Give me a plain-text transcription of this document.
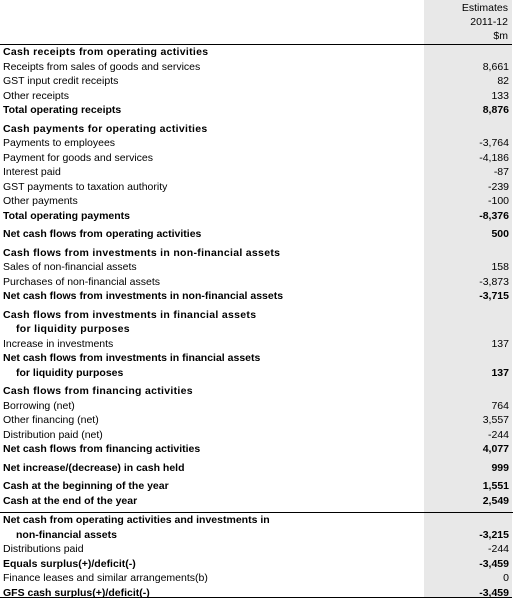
Estimates
2011-12
$m
Cash receipts from operating activities
Receipts from sales of goods and services	8,661
GST input credit receipts	82
Other receipts	133
Total operating receipts	8,876
Cash payments for operating activities
Payments to employees	-3,764
Payment for goods and services	-4,186
Interest paid	-87
GST payments to taxation authority	-239
Other payments	-100
Total operating payments	-8,376
Net cash flows from operating activities	500
Cash flows from investments in non-financial assets
Sales of non-financial assets	158
Purchases of non-financial assets	-3,873
Net cash flows from investments in non-financial assets	-3,715
Cash flows from investments in financial assets
for liquidity purposes
Increase in investments	137
Net cash flows from investments in financial assets
for liquidity purposes	137
Cash flows from financing activities
Borrowing (net)	764
Other financing (net)	3,557
Distribution paid (net)	-244
Net cash flows from financing activities	4,077
Net increase/(decrease) in cash held	999
Cash at the beginning of the year	1,551
Cash at the end of the year	2,549
Net cash from operating activities and investments in
non-financial assets	-3,215
Distributions paid	-244
Equals surplus(+)/deficit(-)	-3,459
Finance leases and similar arrangements(b)	0
GFS cash surplus(+)/deficit(-)	-3,459
